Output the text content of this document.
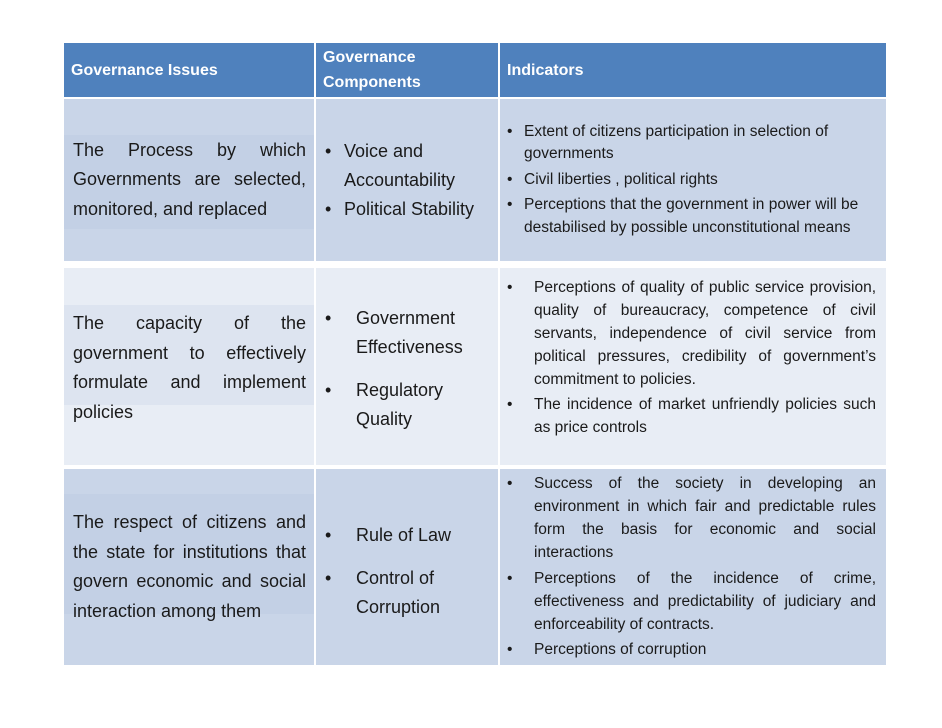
Governance Issues
Governance Components
Indicators
The Process by which Governments are selected, monitored, and replaced
• Voice and Accountability
• Political Stability
• Extent of citizens participation in selection of governments
• Civil liberties , political rights
• Perceptions that the government in power will be destabilised by possible unconstitutional means
The capacity of the government to effectively formulate and implement policies
• Government Effectiveness
• Regulatory Quality
• Perceptions of quality of public service provision, quality of bureaucracy, competence of civil servants, independence of civil service from political pressures, credibility of government’s commitment to policies.
• The incidence of market unfriendly policies such as price controls
The respect of citizens and the state for institutions that govern economic and social interaction among them
• Rule of Law
• Control of Corruption
• Success of the society in developing an environment in which fair and predictable rules form the basis for economic and social interactions
• Perceptions of the incidence of crime, effectiveness and predictability of judiciary and enforceability of contracts.
• Perceptions of corruption
